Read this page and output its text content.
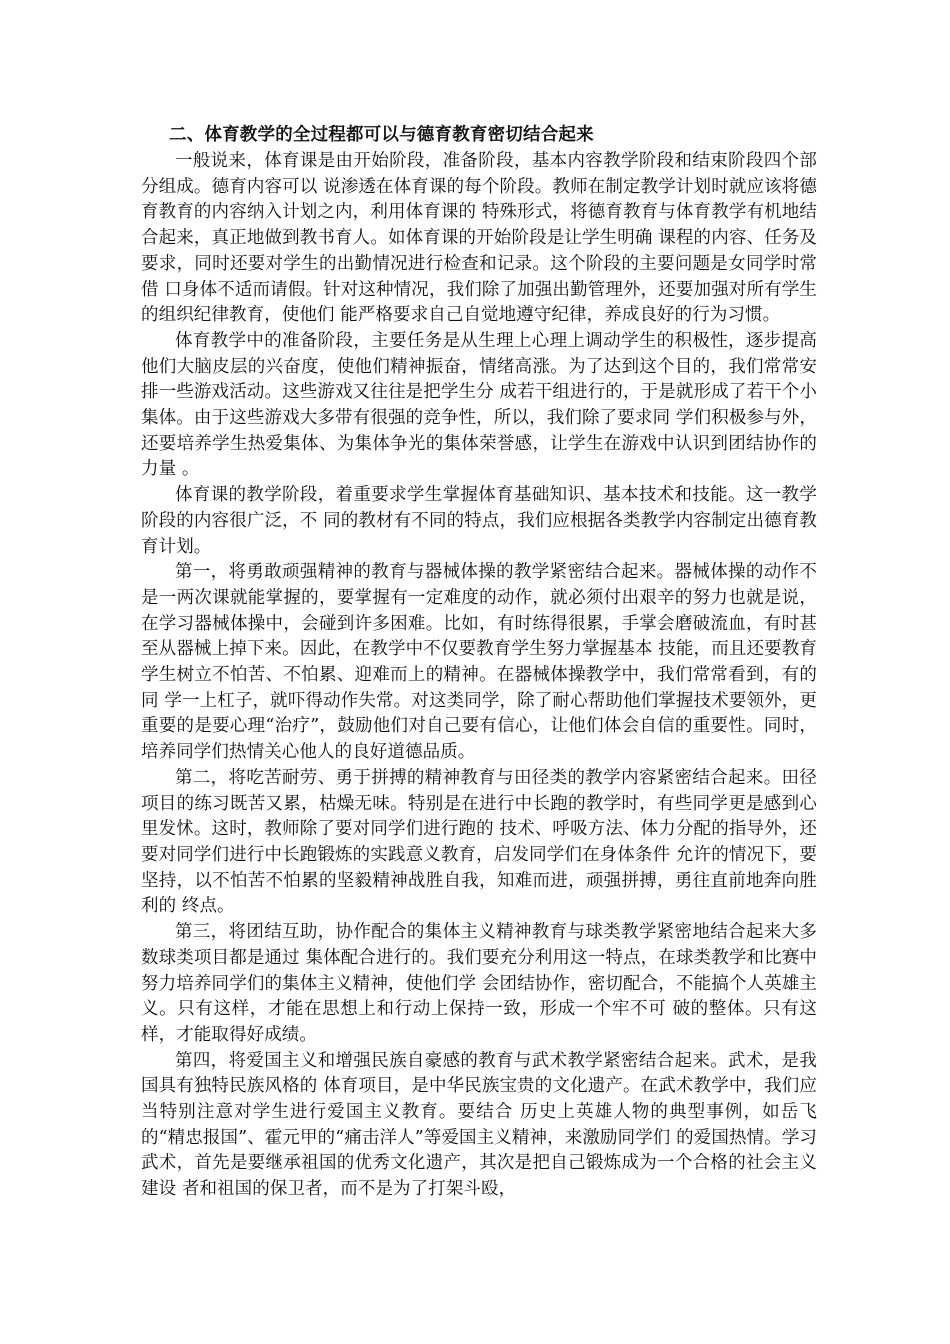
二、体育教学的全过程都可以与德育教育密切结合起来

一般说来，体育课是由开始阶段，准备阶段，基本内容教学阶段和结束阶段四个部分组成。德育内容可以 说渗透在体育课的每个阶段。教师在制定教学计划时就应该将德育教育的内容纳入计划之内，利用体育课的 特殊形式，将德育教育与体育教学有机地结合起来，真正地做到教书育人。如体育课的开始阶段是让学生明确 课程的内容、任务及要求，同时还要对学生的出勤情况进行检查和记录。这个阶段的主要问题是女同学时常借 口身体不适而请假。针对这种情况，我们除了加强出勤管理外，还要加强对所有学生的组织纪律教育，使他们 能严格要求自己自觉地遵守纪律，养成良好的行为习惯。

体育教学中的准备阶段，主要任务是从生理上心理上调动学生的积极性，逐步提高他们大脑皮层的兴奋度，使他们精神振奋，情绪高涨。为了达到这个目的，我们常常安排一些游戏活动。这些游戏又往往是把学生分 成若干组进行的，于是就形成了若干个小集体。由于这些游戏大多带有很强的竞争性，所以，我们除了要求同 学们积极参与外，还要培养学生热爱集体、为集体争光的集体荣誉感，让学生在游戏中认识到团结协作的力量 。

体育课的教学阶段，着重要求学生掌握体育基础知识、基本技术和技能。这一教学阶段的内容很广泛，不 同的教材有不同的特点，我们应根据各类教学内容制定出德育教育计划。

第一，将勇敢顽强精神的教育与器械体操的教学紧密结合起来。器械体操的动作不是一两次课就能掌握的，要掌握有一定难度的动作，就必须付出艰辛的努力也就是说，在学习器械体操中，会碰到许多困难。比如，有时练得很累，手掌会磨破流血，有时甚至从器械上掉下来。因此，在教学中不仅要教育学生努力掌握基本 技能，而且还要教育学生树立不怕苦、不怕累、迎难而上的精神。在器械体操教学中，我们常常看到，有的同 学一上杠子，就吓得动作失常。对这类同学，除了耐心帮助他们掌握技术要领外，更重要的是要心理“治疗”，鼓励他们对自己要有信心，让他们体会自信的重要性。同时，培养同学们热情关心他人的良好道德品质。

第二，将吃苦耐劳、勇于拼搏的精神教育与田径类的教学内容紧密结合起来。田径项目的练习既苦又累，枯燥无味。特别是在进行中长跑的教学时，有些同学更是感到心里发怵。这时，教师除了要对同学们进行跑的 技术、呼吸方法、体力分配的指导外，还要对同学们进行中长跑锻炼的实践意义教育，启发同学们在身体条件 允许的情况下，要坚持，以不怕苦不怕累的坚毅精神战胜自我，知难而进，顽强拼搏，勇往直前地奔向胜利的 终点。

第三，将团结互助，协作配合的集体主义精神教育与球类教学紧密地结合起来大多数球类项目都是通过 集体配合进行的。我们要充分利用这一特点，在球类教学和比赛中努力培养同学们的集体主义精神，使他们学 会团结协作，密切配合，不能搞个人英雄主义。只有这样，才能在思想上和行动上保持一致，形成一个牢不可 破的整体。只有这样，才能取得好成绩。

第四，将爱国主义和增强民族自豪感的教育与武术教学紧密结合起来。武术，是我国具有独特民族风格的 体育项目，是中华民族宝贵的文化遗产。在武术教学中，我们应当特别注意对学生进行爱国主义教育。要结合 历史上英雄人物的典型事例，如岳飞的“精忠报国”、霍元甲的“痛击洋人”等爱国主义精神，来激励同学们 的爱国热情。学习武术，首先是要继承祖国的优秀文化遗产，其次是把自己锻炼成为一个合格的社会主义建设 者和祖国的保卫者，而不是为了打架斗殴，
